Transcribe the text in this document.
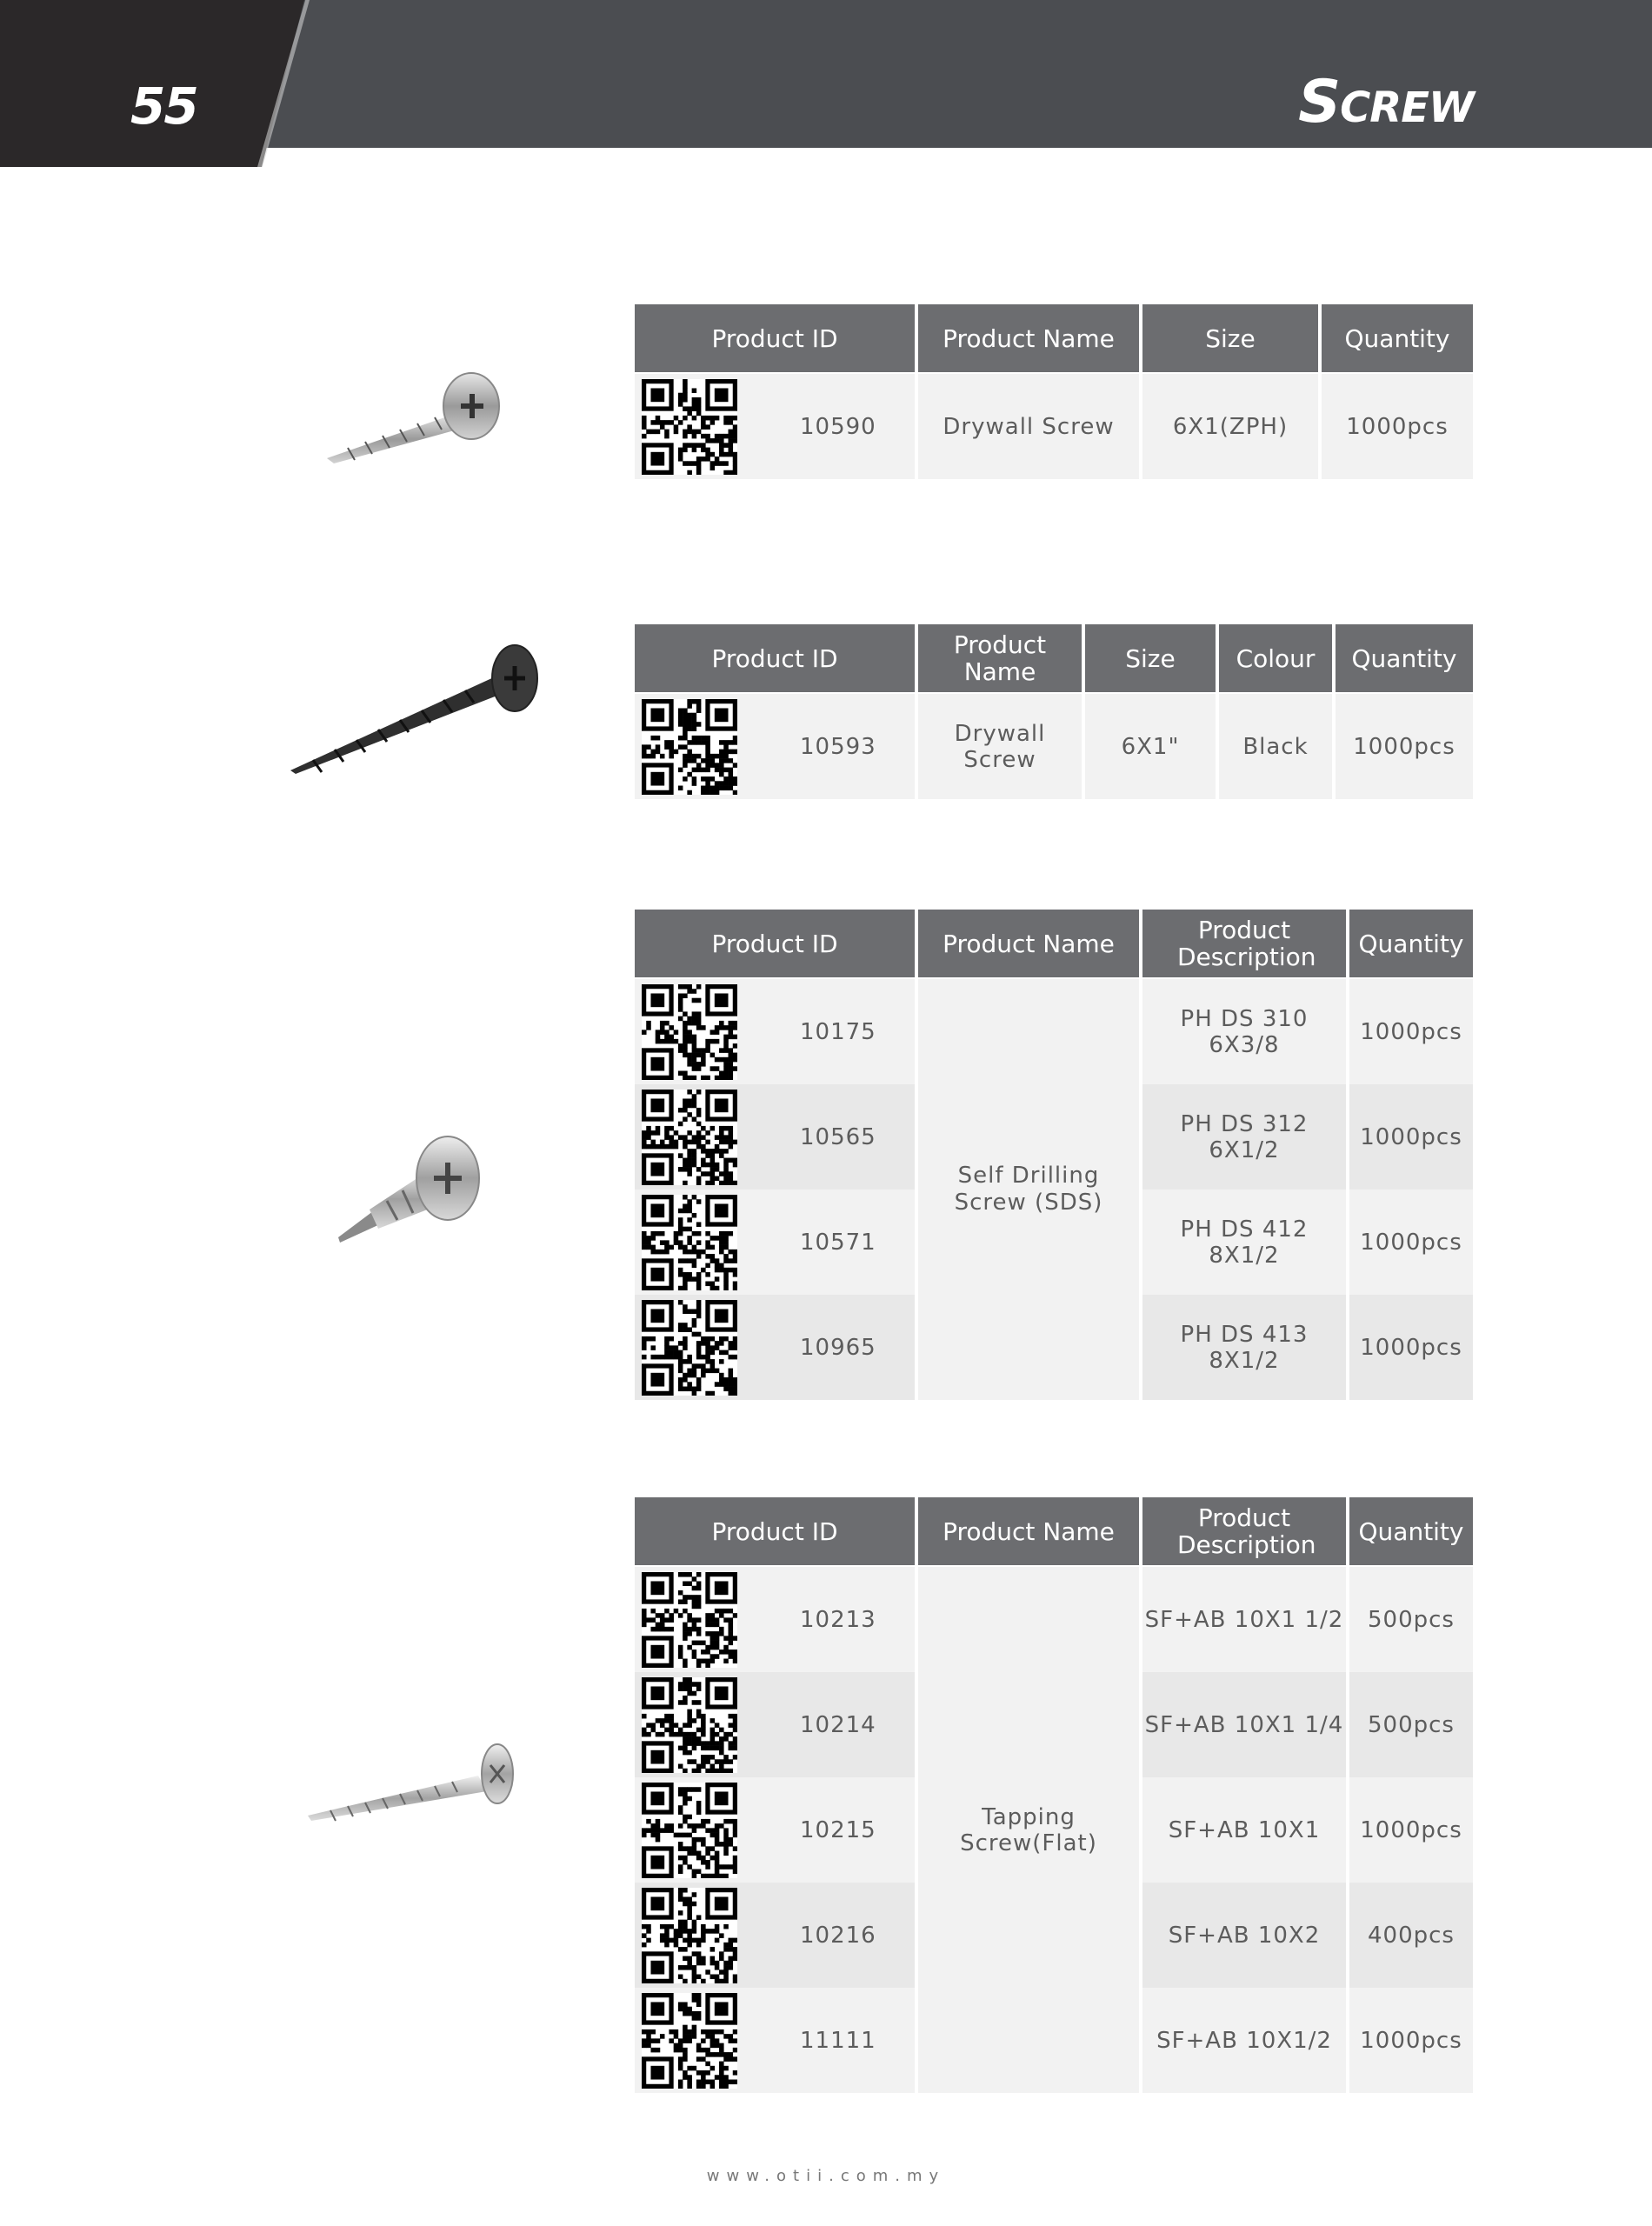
55	Screw
Product ID	Product Name	Size	Quantity

10590	Drywall Screw	6X1(ZPH)	1000pcs
Product ID	Product Name	Size	Colour	Quantity

10593	Drywall Screw	6X1"	Black	1000pcs
Product ID	Product Name	Product Description	Quantity

10175	Self Drilling Screw (SDS)	PH DS 310 6X3/8	1000pcs

10565		PH DS 312 6X1/2	1000pcs

10571		PH DS 412 8X1/2	1000pcs

10965		PH DS 413 8X1/2	1000pcs
Product ID	Product Name	Product Description	Quantity

10213	Tapping Screw(Flat)	SF+AB 10X1 1/2	500pcs

10214		SF+AB 10X1 1/4	500pcs

10215		SF+AB 10X1	1000pcs

10216		SF+AB 10X2	400pcs

11111		SF+AB 10X1/2	1000pcs
www.otii.com.my
